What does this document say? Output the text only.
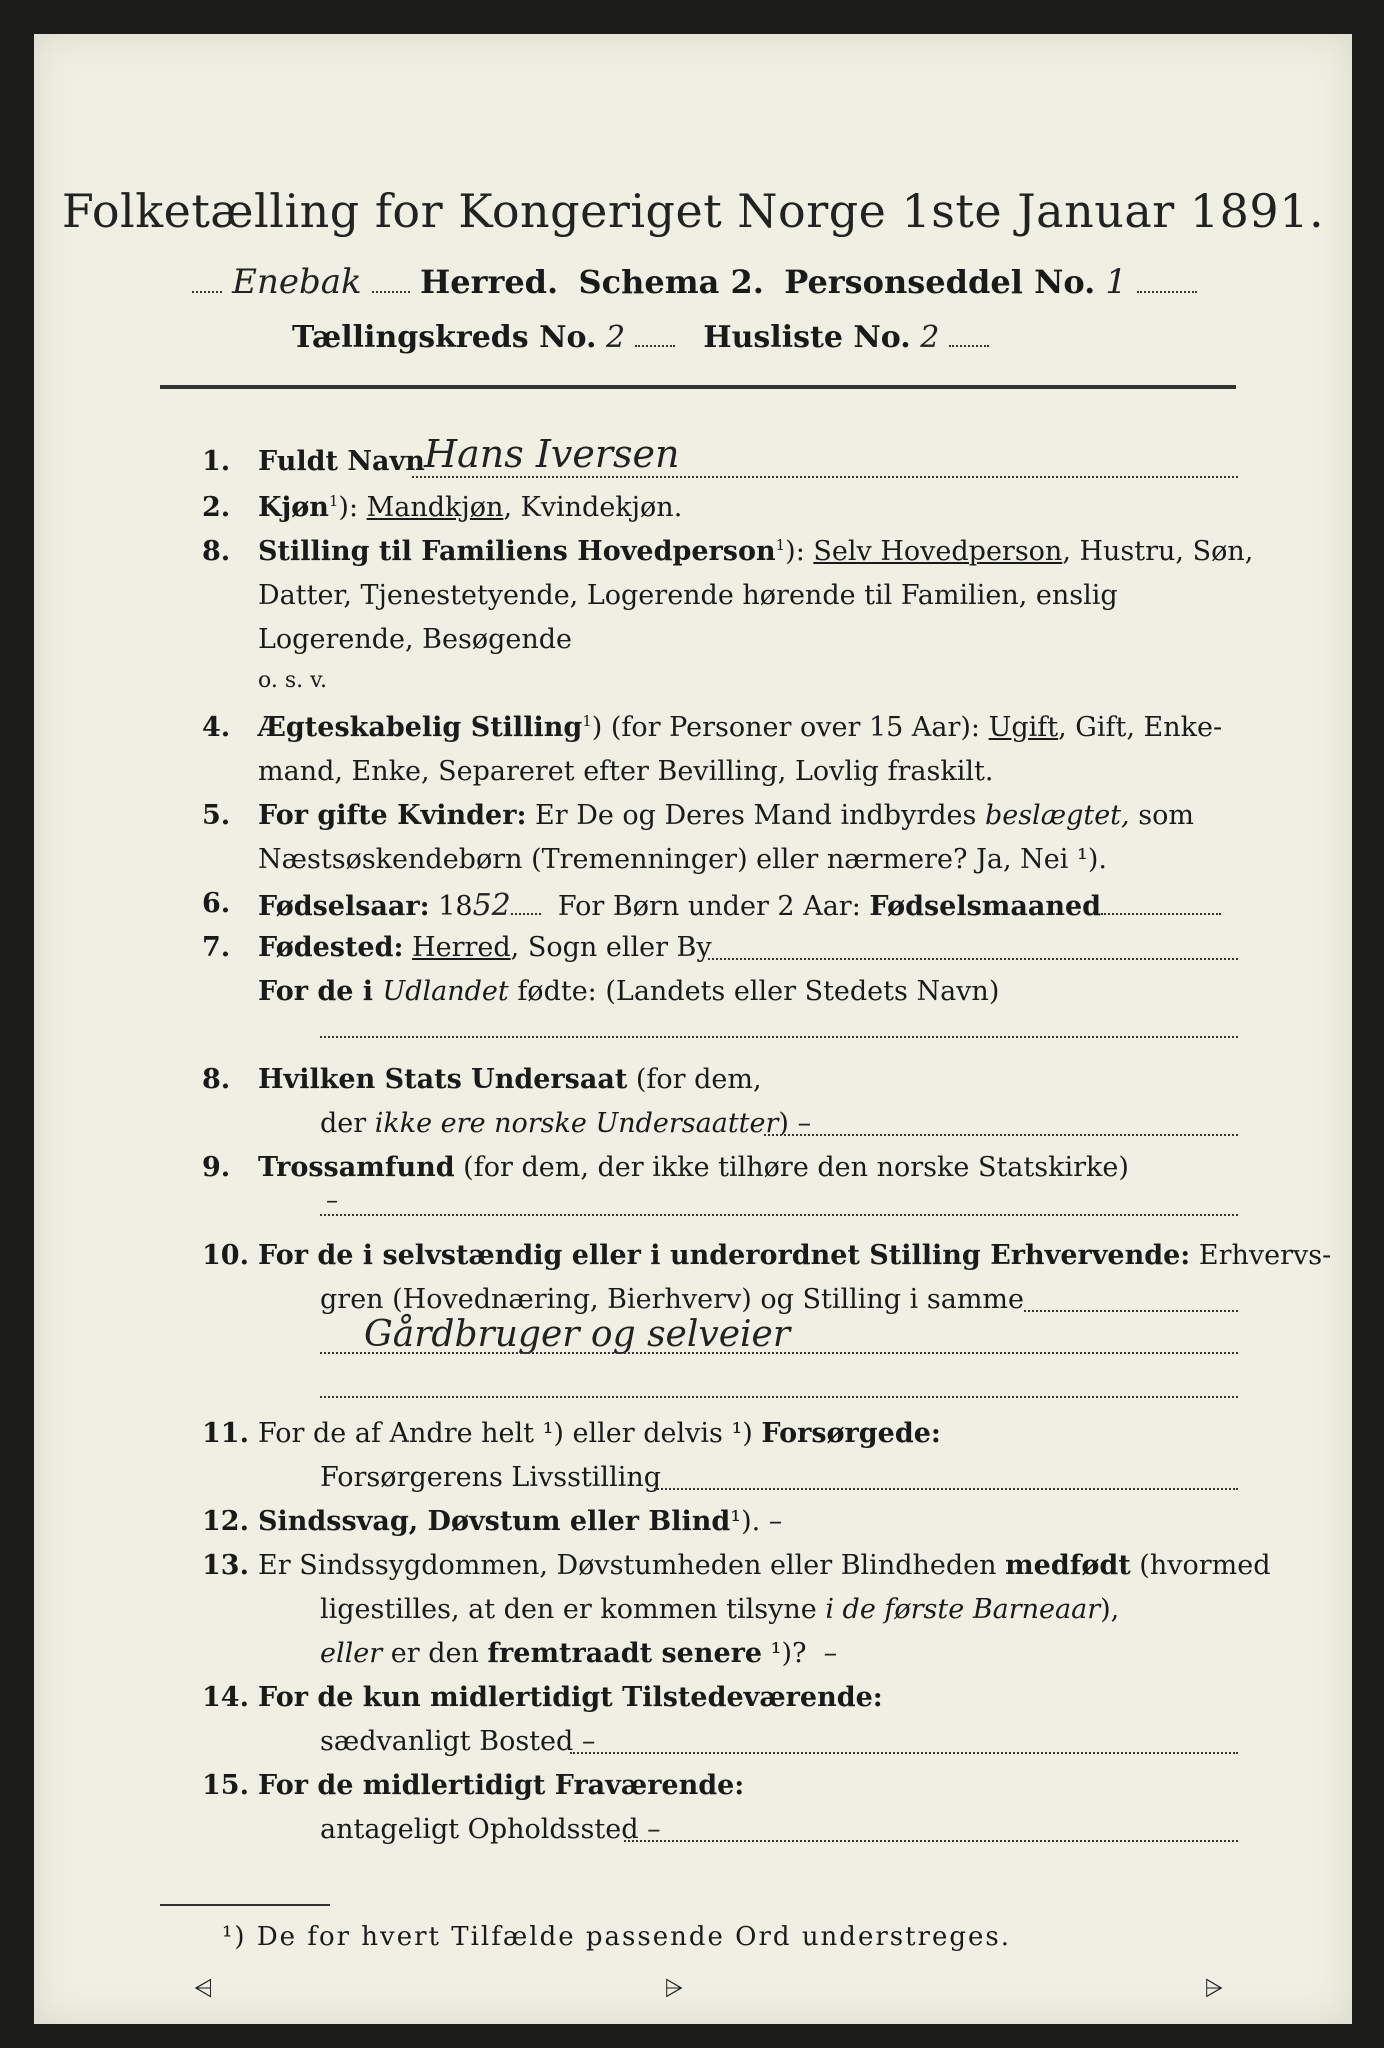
Folketælling for Kongeriget Norge 1ste Januar 1891.
Enebak Herred. Schema 2. Personseddel No. 1
Tællingskreds No. 2	Husliste No. 2
1. Fuldt Navn Hans Iversen
2. Kjøn$^1$): Mandkjøn, Kvindekjøn.
8. Stilling til Familiens Hovedperson$^1$): Selv Hovedperson, Hustru, Søn,
Datter, Tjenestetyende, Logerende hørende til Familien, enslig
Logerende, Besøgende
o. s. v.
4. Ægteskabelig Stilling$^1$) (for Personer over 15 Aar): Ugift, Gift, Enke-
mand, Enke, Separeret efter Bevilling, Lovlig fraskilt.
5. For gifte Kvinder: Er De og Deres Mand indbyrdes beslægtet, som
Næstsøskendebørn (Tremenninger) eller nærmere? Ja, Nei ¹).
6. Fødselsaar: 1852 For Børn under 2 Aar: Fødselsmaaned
7. Fødested: Herred, Sogn eller By
For de i Udlandet fødte: (Landets eller Stedets Navn)
8. Hvilken Stats Undersaat (for dem,
der ikke ere norske Undersaatter) –
9. Trossamfund (for dem, der ikke tilhøre den norske Statskirke)
–
10. For de i selvstændig eller i underordnet Stilling Erhvervende: Erhvervs-
gren (Hovednæring, Bierhverv) og Stilling i samme
Gårdbruger og selveier
11. For de af Andre helt ¹) eller delvis ¹) Forsørgede:
Forsørgerens Livsstilling
12. Sindssvag, Døvstum eller Blind¹). –
13. Er Sindssygdommen, Døvstumheden eller Blindheden medfødt (hvormed
ligestilles, at den er kommen tilsyne i de første Barneaar),
eller er den fremtraadt senere ¹)? –
14. For de kun midlertidigt Tilstedeværende:
sædvanligt Bosted –
15. For de midlertidigt Fraværende:
antageligt Opholdssted –
¹) De for hvert Tilfælde passende Ord understreges.
⩤	⩥	⩥
